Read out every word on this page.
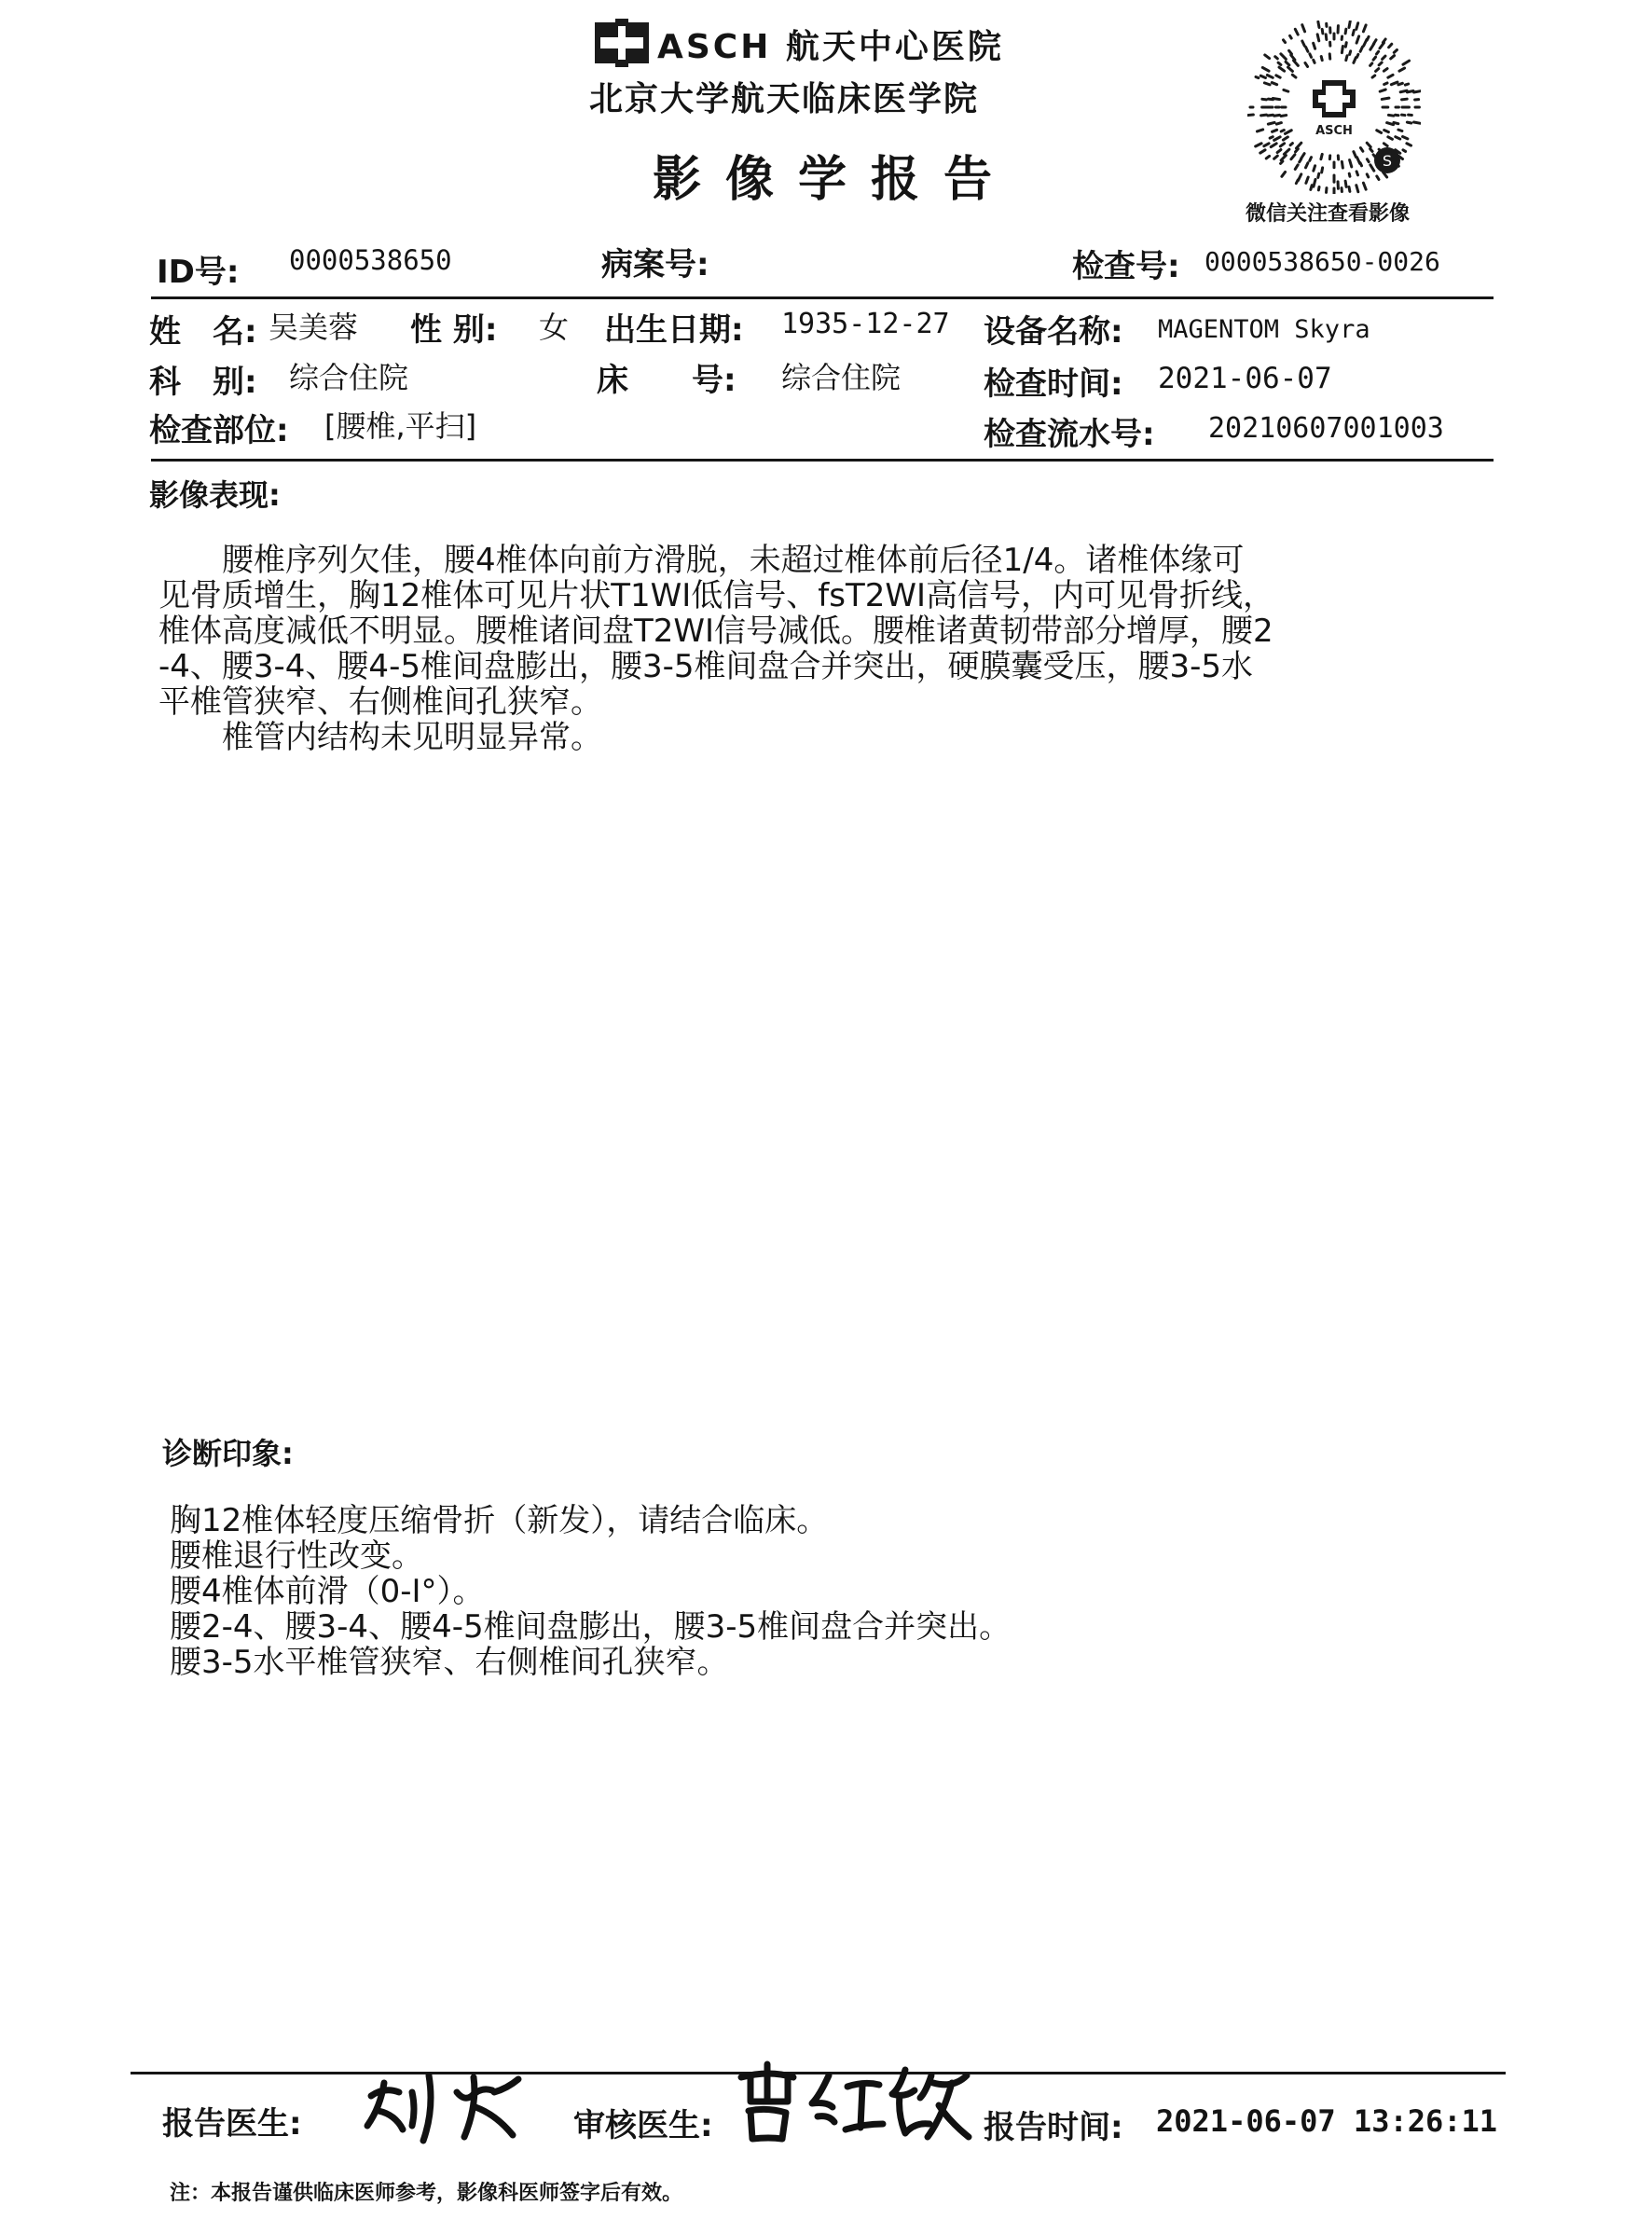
ASCH 航天中心医院
北京大学航天临床医学院
影像学报告
ASCH
S
微信关注查看影像
ID号: 0000538650	病案号:	检查号: 0000538650-0026
姓　名: 吴美蓉 性 别: 女 出生日期: 1935-12-27 设备名称: MAGENTOM Skyra
科　别: 综合住院	床　　号: 综合住院	检查时间: 2021-06-07
检查部位: [腰椎,平扫]	检查流水号: 20210607001003
影像表现:

　　腰椎序列欠佳，腰4椎体向前方滑脱，未超过椎体前后径1/4。诸椎体缘可

见骨质增生，胸12椎体可见片状T1WI低信号、fsT2WI高信号，内可见骨折线，

椎体高度减低不明显。腰椎诸间盘T2WI信号减低。腰椎诸黄韧带部分增厚，腰2

-4、腰3-4、腰4-5椎间盘膨出，腰3-5椎间盘合并突出，硬膜囊受压，腰3-5水

平椎管狭窄、右侧椎间孔狭窄。

　　椎管内结构未见明显异常。

诊断印象:
胸12椎体轻度压缩骨折（新发），请结合临床。
腰椎退行性改变。
腰4椎体前滑（0-I°）。
腰2-4、腰3-4、腰4-5椎间盘膨出，腰3-5椎间盘合并突出。
腰3-5水平椎管狭窄、右侧椎间孔狭窄。
报告医生:	审核医生:	报告时间: 2021-06-07 13:26:11
注：本报告谨供临床医师参考，影像科医师签字后有效。
